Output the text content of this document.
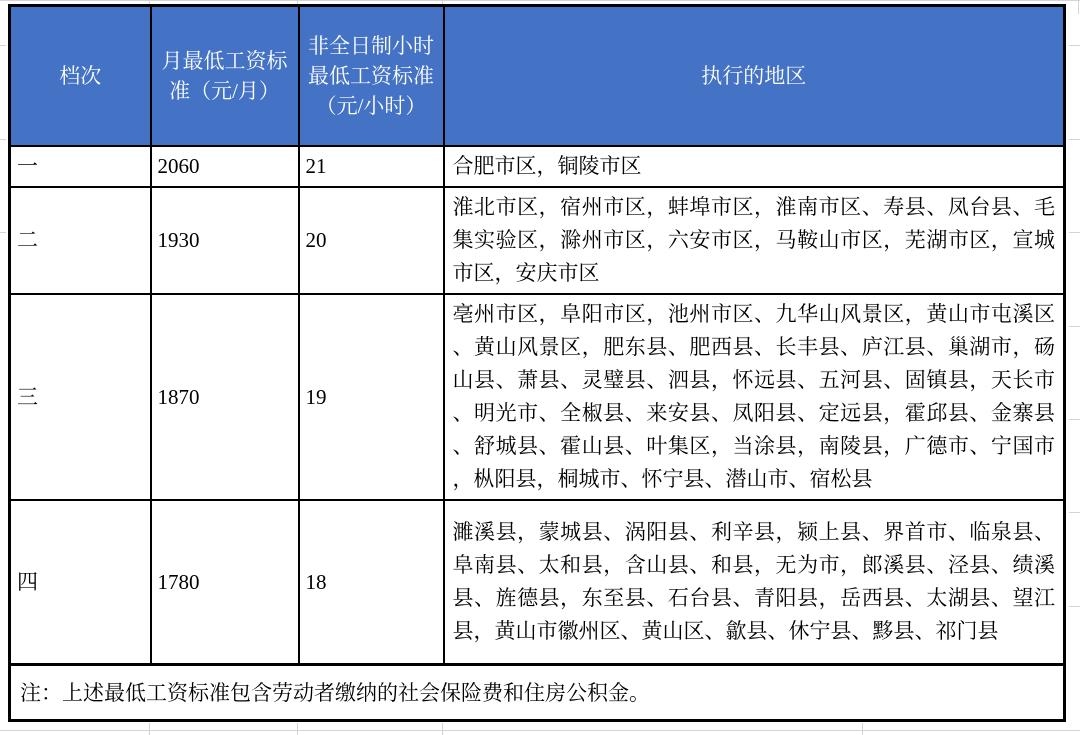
档次	月最低工资标准（元/月）	非全日制小时最低工资标准（元/小时）	执行的地区
一	2060	21	合肥市区，铜陵市区
二	1930	20	淮北市区，宿州市区，蚌埠市区，淮南市区、寿县、凤台县、毛集实验区，滁州市区，六安市区，马鞍山市区，芜湖市区，宣城市区，安庆市区
三	1870	19	亳州市区，阜阳市区，池州市区、九华山风景区，黄山市屯溪区、黄山风景区，肥东县、肥西县、长丰县、庐江县、巢湖市，砀山县、萧县、灵璧县、泗县，怀远县、五河县、固镇县，天长市、明光市、全椒县、来安县、凤阳县、定远县，霍邱县、金寨县、舒城县、霍山县、叶集区，当涂县，南陵县，广德市、宁国市，枞阳县，桐城市、怀宁县、潜山市、宿松县
四	1780	18	濉溪县，蒙城县、涡阳县、利辛县，颍上县、界首市、临泉县、阜南县、太和县，含山县、和县，无为市，郎溪县、泾县、绩溪县、旌德县，东至县、石台县、青阳县，岳西县、太湖县、望江县，黄山市徽州区、黄山区、歙县、休宁县、黟县、祁门县
注：上述最低工资标准包含劳动者缴纳的社会保险费和住房公积金。			
